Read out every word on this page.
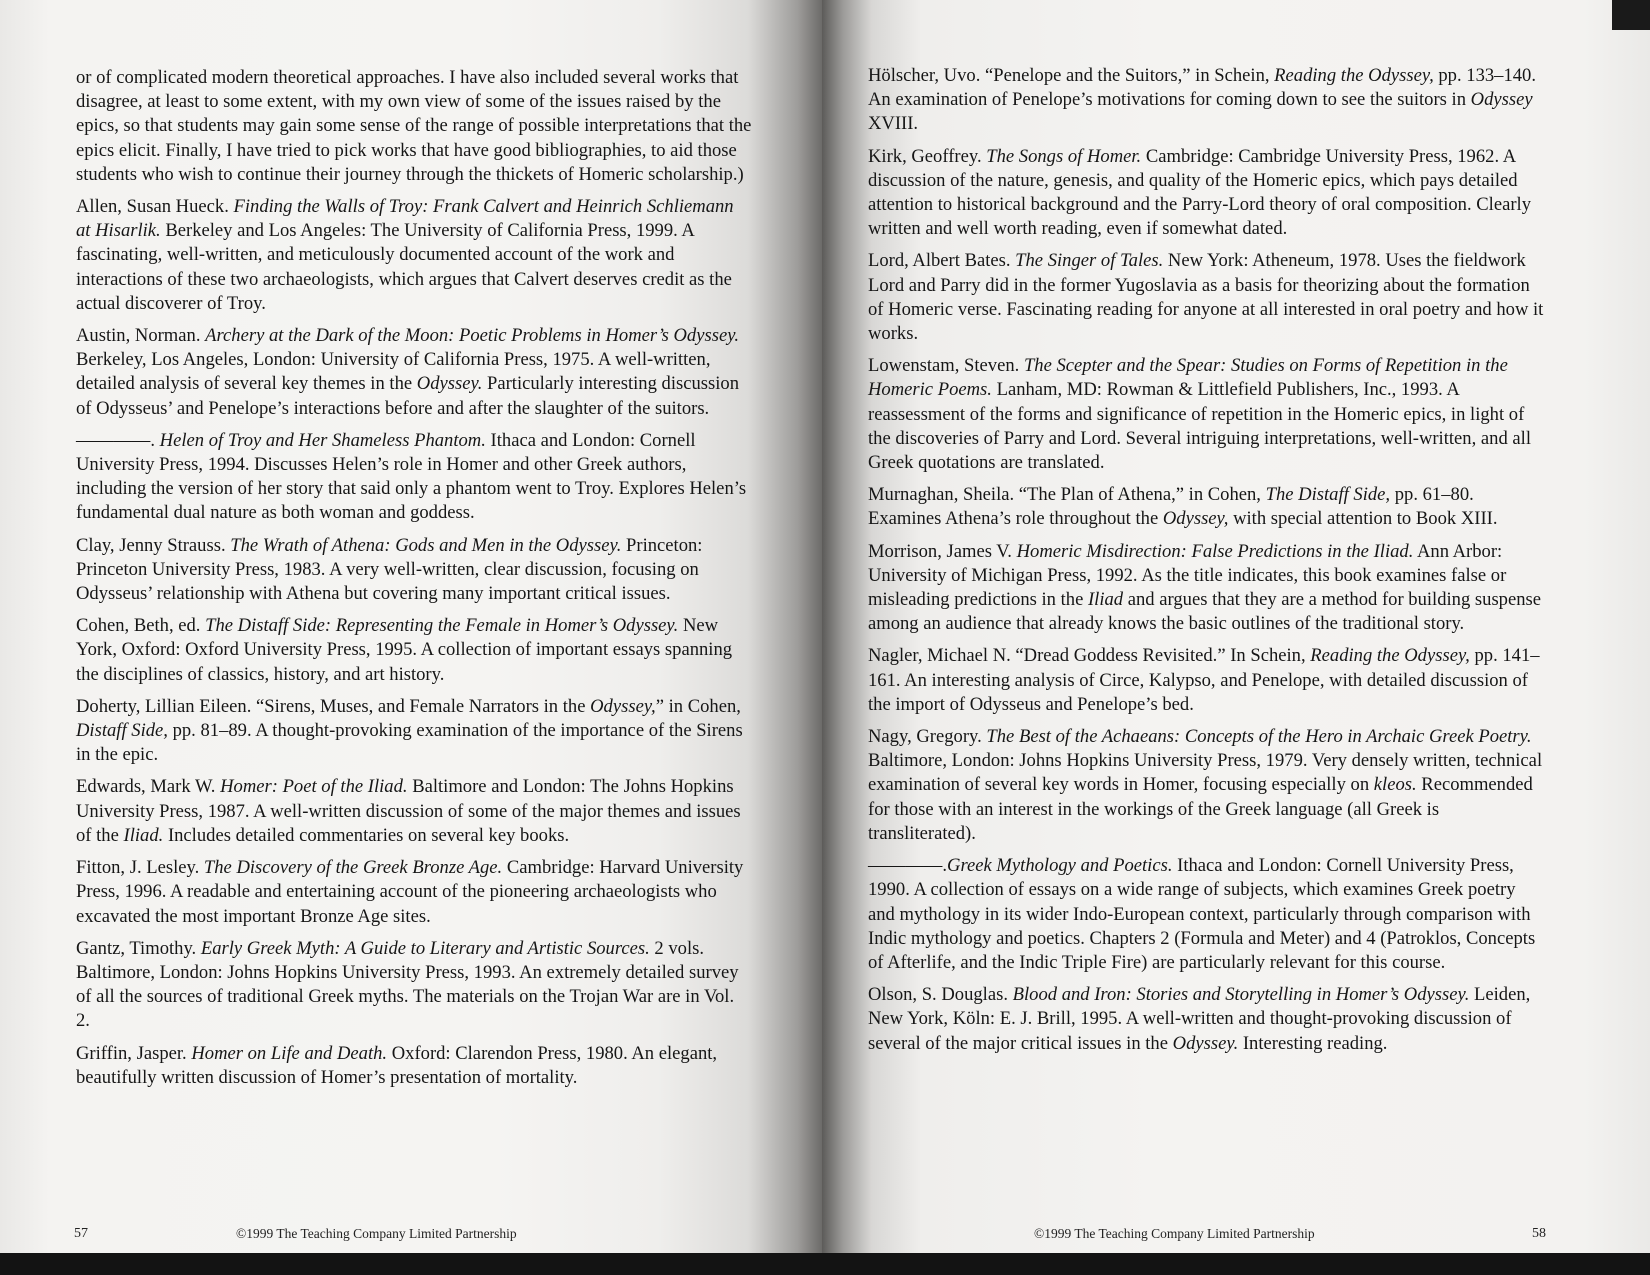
or of complicated modern theoretical approaches. I have also included several works that disagree, at least to some extent, with my own view of some of the issues raised by the epics, so that students may gain some sense of the range of possible interpretations that the epics elicit. Finally, I have tried to pick works that have good bibliographies, to aid those students who wish to continue their journey through the thickets of Homeric scholarship.)

Allen, Susan Hueck. Finding the Walls of Troy: Frank Calvert and Heinrich Schliemann at Hisarlik. Berkeley and Los Angeles: The University of California Press, 1999. A fascinating, well-written, and meticulously documented account of the work and interactions of these two archaeologists, which argues that Calvert deserves credit as the actual discoverer of Troy.

Austin, Norman. Archery at the Dark of the Moon: Poetic Problems in Homer’s Odyssey. Berkeley, Los Angeles, London: University of California Press, 1975. A well-written, detailed analysis of several key themes in the Odyssey. Particularly interesting discussion of Odysseus’ and Penelope’s interactions before and after the slaughter of the suitors.

————. Helen of Troy and Her Shameless Phantom. Ithaca and London: Cornell University Press, 1994. Discusses Helen’s role in Homer and other Greek authors, including the version of her story that said only a phantom went to Troy. Explores Helen’s fundamental dual nature as both woman and goddess.

Clay, Jenny Strauss. The Wrath of Athena: Gods and Men in the Odyssey. Princeton: Princeton University Press, 1983. A very well-written, clear discussion, focusing on Odysseus’ relationship with Athena but covering many important critical issues.

Cohen, Beth, ed. The Distaff Side: Representing the Female in Homer’s Odyssey. New York, Oxford: Oxford University Press, 1995. A collection of important essays spanning the disciplines of classics, history, and art history.

Doherty, Lillian Eileen. “Sirens, Muses, and Female Narrators in the Odyssey,” in Cohen, Distaff Side, pp. 81–89. A thought-provoking examination of the importance of the Sirens in the epic.

Edwards, Mark W. Homer: Poet of the Iliad. Baltimore and London: The Johns Hopkins University Press, 1987. A well-written discussion of some of the major themes and issues of the Iliad. Includes detailed commentaries on several key books.

Fitton, J. Lesley. The Discovery of the Greek Bronze Age. Cambridge: Harvard University Press, 1996. A readable and entertaining account of the pioneering archaeologists who excavated the most important Bronze Age sites.

Gantz, Timothy. Early Greek Myth: A Guide to Literary and Artistic Sources. 2 vols. Baltimore, London: Johns Hopkins University Press, 1993. An extremely detailed survey of all the sources of traditional Greek myths. The materials on the Trojan War are in Vol. 2.

Griffin, Jasper. Homer on Life and Death. Oxford: Clarendon Press, 1980. An elegant, beautifully written discussion of Homer’s presentation of mortality.

57	©1999 The Teaching Company Limited Partnership

Hölscher, Uvo. “Penelope and the Suitors,” in Schein, Reading the Odyssey, pp. 133–140. An examination of Penelope’s motivations for coming down to see the suitors in Odyssey XVIII.

Kirk, Geoffrey. The Songs of Homer. Cambridge: Cambridge University Press, 1962. A discussion of the nature, genesis, and quality of the Homeric epics, which pays detailed attention to historical background and the Parry-Lord theory of oral composition. Clearly written and well worth reading, even if somewhat dated.

Lord, Albert Bates. The Singer of Tales. New York: Atheneum, 1978. Uses the fieldwork Lord and Parry did in the former Yugoslavia as a basis for theorizing about the formation of Homeric verse. Fascinating reading for anyone at all interested in oral poetry and how it works.

Lowenstam, Steven. The Scepter and the Spear: Studies on Forms of Repetition in the Homeric Poems. Lanham, MD: Rowman & Littlefield Publishers, Inc., 1993. A reassessment of the forms and significance of repetition in the Homeric epics, in light of the discoveries of Parry and Lord. Several intriguing interpretations, well-written, and all Greek quotations are translated.

Murnaghan, Sheila. “The Plan of Athena,” in Cohen, The Distaff Side, pp. 61–80. Examines Athena’s role throughout the Odyssey, with special attention to Book XIII.

Morrison, James V. Homeric Misdirection: False Predictions in the Iliad. Ann Arbor: University of Michigan Press, 1992. As the title indicates, this book examines false or misleading predictions in the Iliad and argues that they are a method for building suspense among an audience that already knows the basic outlines of the traditional story.

Nagler, Michael N. “Dread Goddess Revisited.” In Schein, Reading the Odyssey, pp. 141–161. An interesting analysis of Circe, Kalypso, and Penelope, with detailed discussion of the import of Odysseus and Penelope’s bed.

Nagy, Gregory. The Best of the Achaeans: Concepts of the Hero in Archaic Greek Poetry. Baltimore, London: Johns Hopkins University Press, 1979. Very densely written, technical examination of several key words in Homer, focusing especially on kleos. Recommended for those with an interest in the workings of the Greek language (all Greek is transliterated).

————.Greek Mythology and Poetics. Ithaca and London: Cornell University Press, 1990. A collection of essays on a wide range of subjects, which examines Greek poetry and mythology in its wider Indo-European context, particularly through comparison with Indic mythology and poetics. Chapters 2 (Formula and Meter) and 4 (Patroklos, Concepts of Afterlife, and the Indic Triple Fire) are particularly relevant for this course.

Olson, S. Douglas. Blood and Iron: Stories and Storytelling in Homer’s Odyssey. Leiden, New York, Köln: E. J. Brill, 1995. A well-written and thought-provoking discussion of several of the major critical issues in the Odyssey. Interesting reading.

©1999 The Teaching Company Limited Partnership	58
